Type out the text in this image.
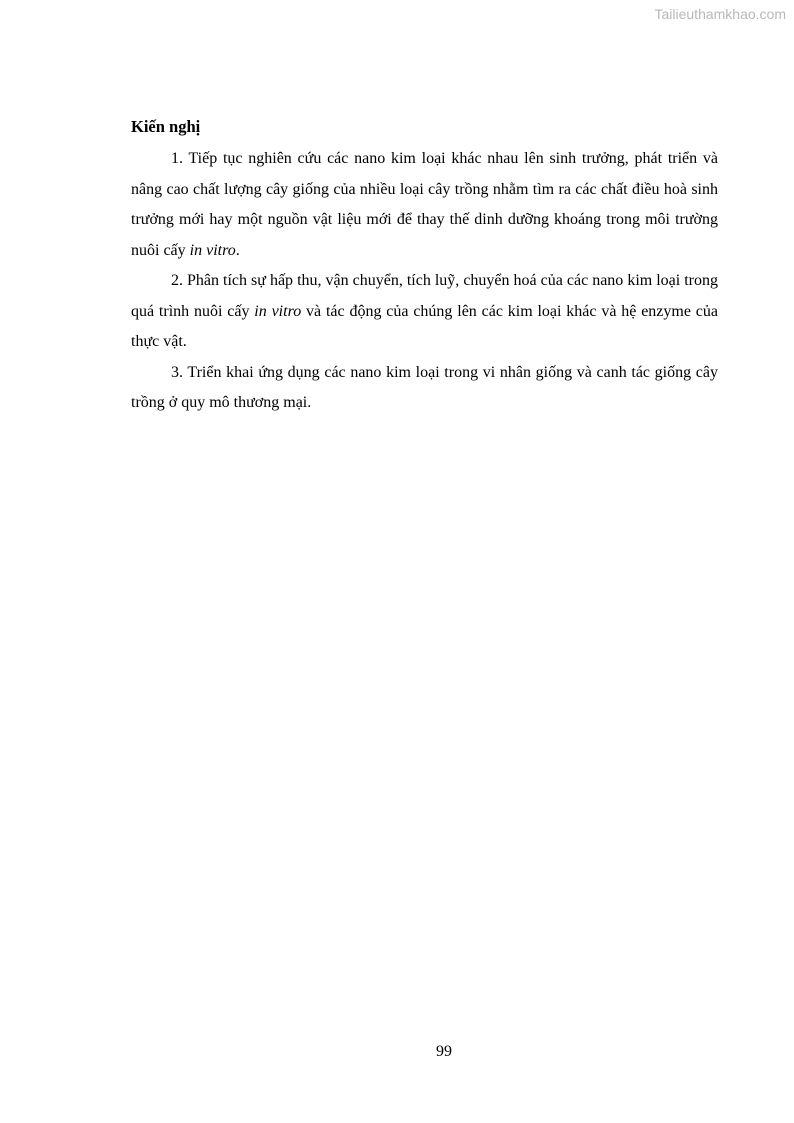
Tailieuthamkhao.com
Kiến nghị

1. Tiếp tục nghiên cứu các nano kim loại khác nhau lên sinh trưởng, phát triển và nâng cao chất lượng cây giống của nhiều loại cây trồng nhằm tìm ra các chất điều hoà sinh trưởng mới hay một nguồn vật liệu mới để thay thế dinh dưỡng khoáng trong môi trường nuôi cấy in vitro.

2. Phân tích sự hấp thu, vận chuyển, tích luỹ, chuyển hoá của các nano kim loại trong quá trình nuôi cấy in vitro và tác động của chúng lên các kim loại khác và hệ enzyme của thực vật.

3. Triển khai ứng dụng các nano kim loại trong vi nhân giống và canh tác giống cây trồng ở quy mô thương mại.

99
